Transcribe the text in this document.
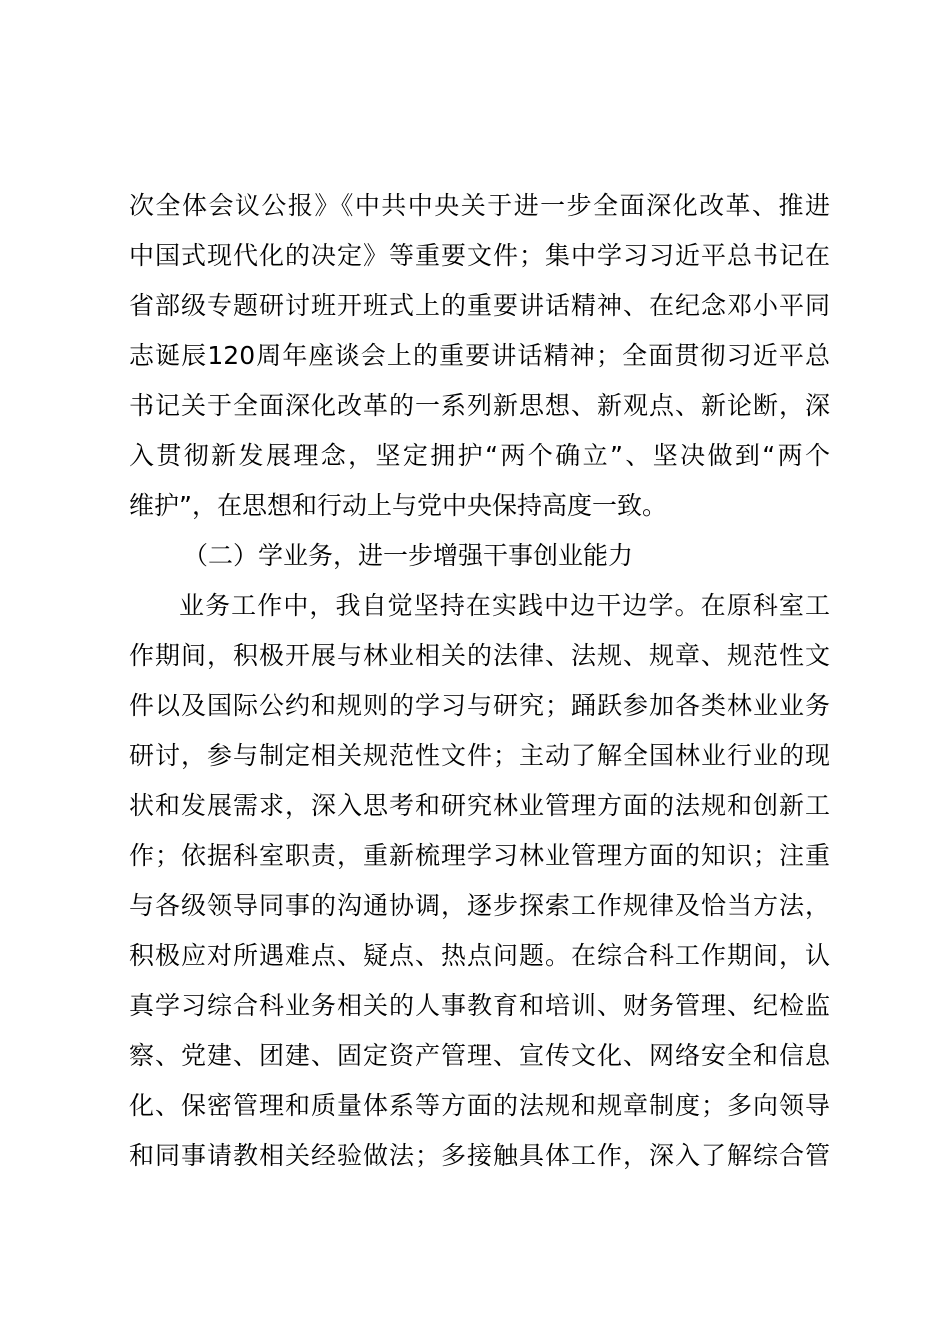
次全体会议公报》《中共中央关于进一步全面深化改革、推进
中国式现代化的决定》等重要文件；集中学习习近平总书记在
省部级专题研讨班开班式上的重要讲话精神、在纪念邓小平同
志诞辰120周年座谈会上的重要讲话精神；全面贯彻习近平总
书记关于全面深化改革的一系列新思想、新观点、新论断，深
入贯彻新发展理念，坚定拥护“两个确立”、坚决做到“两个
维护”，在思想和行动上与党中央保持高度一致。
（二）学业务，进一步增强干事创业能力
业务工作中，我自觉坚持在实践中边干边学。在原科室工
作期间，积极开展与林业相关的法律、法规、规章、规范性文
件以及国际公约和规则的学习与研究；踊跃参加各类林业业务
研讨，参与制定相关规范性文件；主动了解全国林业行业的现
状和发展需求，深入思考和研究林业管理方面的法规和创新工
作；依据科室职责，重新梳理学习林业管理方面的知识；注重
与各级领导同事的沟通协调，逐步探索工作规律及恰当方法，
积极应对所遇难点、疑点、热点问题。在综合科工作期间，认
真学习综合科业务相关的人事教育和培训、财务管理、纪检监
察、党建、团建、固定资产管理、宣传文化、网络安全和信息
化、保密管理和质量体系等方面的法规和规章制度；多向领导
和同事请教相关经验做法；多接触具体工作，深入了解综合管
